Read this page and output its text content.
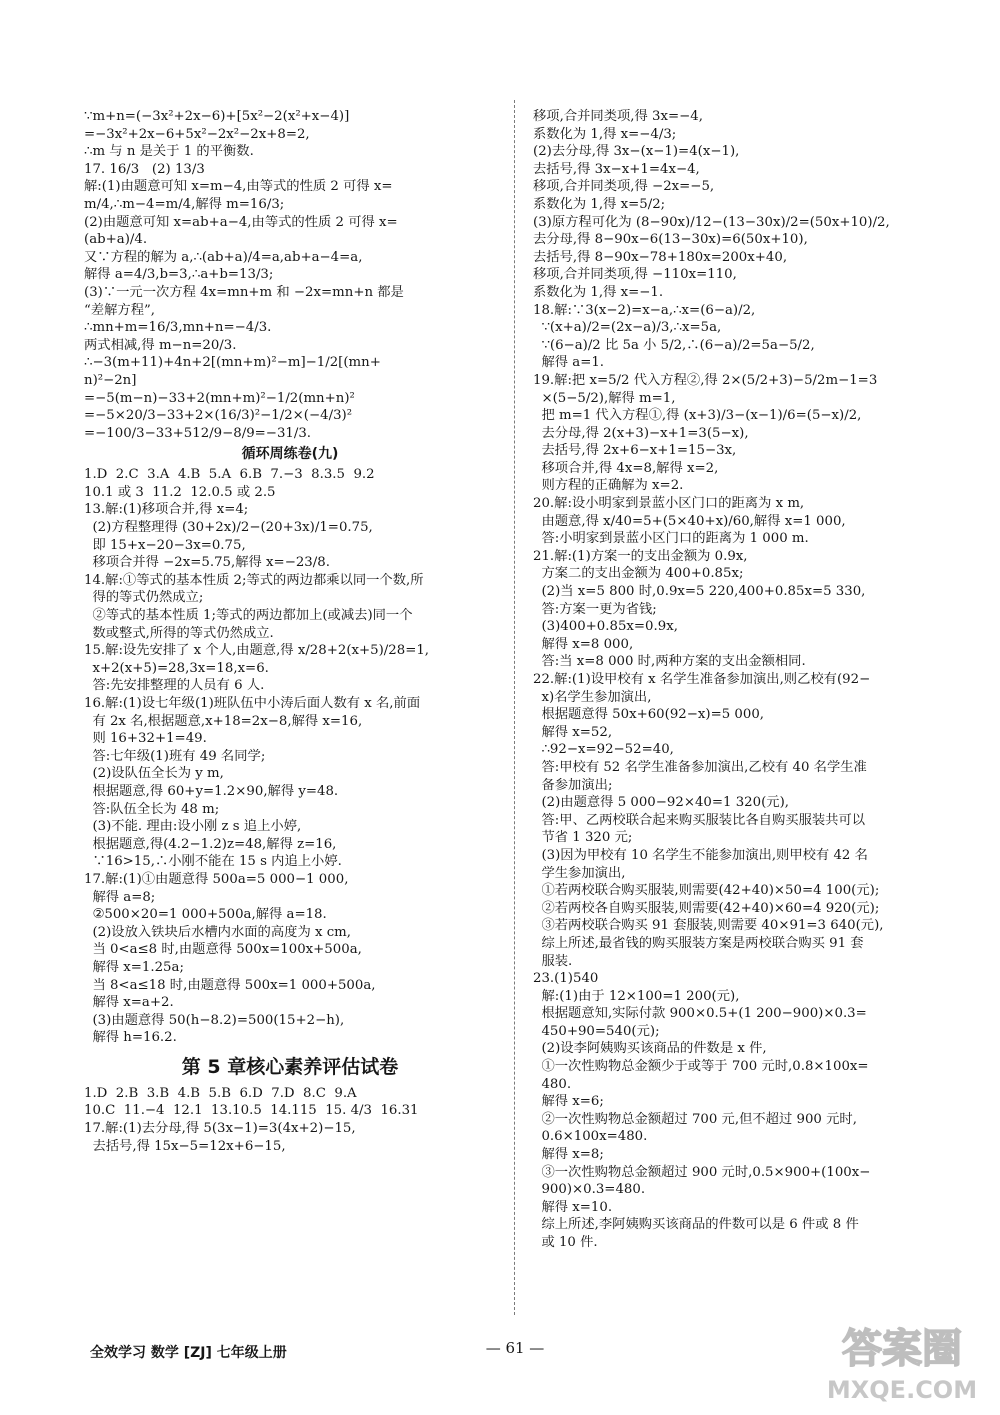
∵m+n=(−3x²+2x−6)+[5x²−2(x²+x−4)]
=−3x²+2x−6+5x²−2x²−2x+8=2,
∴m 与 n 是关于 1 的平衡数.
17. 16/3   (2) 13/3
解:(1)由题意可知 x=m−4,由等式的性质 2 可得 x=
m/4,∴m−4=m/4,解得 m=16/3;
(2)由题意可知 x=ab+a−4,由等式的性质 2 可得 x=
(ab+a)/4.
又∵方程的解为 a,∴(ab+a)/4=a,ab+a−4=a,
解得 a=4/3,b=3,∴a+b=13/3;
(3)∵一元一次方程 4x=mn+m 和 −2x=mn+n 都是
“差解方程”,
∴mn+m=16/3,mn+n=−4/3.
两式相减,得 m−n=20/3.
∴−3(m+11)+4n+2[(mn+m)²−m]−1/2[(mn+
n)²−2n]
=−5(m−n)−33+2(mn+m)²−1/2(mn+n)²
=−5×20/3−33+2×(16/3)²−1/2×(−4/3)²
=−100/3−33+512/9−8/9=−31/3.
循环周练卷(九)
1.D  2.C  3.A  4.B  5.A  6.B  7.−3  8.3.5  9.2
10.1 或 3  11.2  12.0.5 或 2.5
13.解:(1)移项合并,得 x=4;
(2)方程整理得 (30+2x)/2−(20+3x)/1=0.75,
即 15+x−20−3x=0.75,
移项合并得 −2x=5.75,解得 x=−23/8.
14.解:①等式的基本性质 2;等式的两边都乘以同一个数,所
得的等式仍然成立;
②等式的基本性质 1;等式的两边都加上(或减去)同一个
数或整式,所得的等式仍然成立.
15.解:设先安排了 x 个人,由题意,得 x/28+2(x+5)/28=1,
x+2(x+5)=28,3x=18,x=6.
答:先安排整理的人员有 6 人.
16.解:(1)设七年级(1)班队伍中小涛后面人数有 x 名,前面
有 2x 名,根据题意,x+18=2x−8,解得 x=16,
则 16+32+1=49.
答:七年级(1)班有 49 名同学;
(2)设队伍全长为 y m,
根据题意,得 60+y=1.2×90,解得 y=48.
答:队伍全长为 48 m;
(3)不能. 理由:设小刚 z s 追上小婷,
根据题意,得(4.2−1.2)z=48,解得 z=16,
∵16>15,∴小刚不能在 15 s 内追上小婷.
17.解:(1)①由题意得 500a=5 000−1 000,
解得 a=8;
②500×20=1 000+500a,解得 a=18.
(2)设放入铁块后水槽内水面的高度为 x cm,
当 0<a≤8 时,由题意得 500x=100x+500a,
解得 x=1.25a;
当 8<a≤18 时,由题意得 500x=1 000+500a,
解得 x=a+2.
(3)由题意得 50(h−8.2)=500(15+2−h),
解得 h=16.2.
第 5 章核心素养评估试卷
1.D  2.B  3.B  4.B  5.B  6.D  7.D  8.C  9.A
10.C  11.−4  12.1  13.10.5  14.115  15. 4/3  16.31
17.解:(1)去分母,得 5(3x−1)=3(4x+2)−15,
去括号,得 15x−5=12x+6−15,
移项,合并同类项,得 3x=−4,
系数化为 1,得 x=−4/3;
(2)去分母,得 3x−(x−1)=4(x−1),
去括号,得 3x−x+1=4x−4,
移项,合并同类项,得 −2x=−5,
系数化为 1,得 x=5/2;
(3)原方程可化为 (8−90x)/12−(13−30x)/2=(50x+10)/2,
去分母,得 8−90x−6(13−30x)=6(50x+10),
去括号,得 8−90x−78+180x=200x+40,
移项,合并同类项,得 −110x=110,
系数化为 1,得 x=−1.
18.解:∵3(x−2)=x−a,∴x=(6−a)/2,
∵(x+a)/2=(2x−a)/3,∴x=5a,
∵(6−a)/2 比 5a 小 5/2,∴(6−a)/2=5a−5/2,
解得 a=1.
19.解:把 x=5/2 代入方程②,得 2×(5/2+3)−5/2m−1=3
×(5−5/2),解得 m=1,
把 m=1 代入方程①,得 (x+3)/3−(x−1)/6=(5−x)/2,
去分母,得 2(x+3)−x+1=3(5−x),
去括号,得 2x+6−x+1=15−3x,
移项合并,得 4x=8,解得 x=2,
则方程的正确解为 x=2.
20.解:设小明家到景蓝小区门口的距离为 x m,
由题意,得 x/40=5+(5×40+x)/60,解得 x=1 000,
答:小明家到景蓝小区门口的距离为 1 000 m.
21.解:(1)方案一的支出金额为 0.9x,
方案二的支出金额为 400+0.85x;
(2)当 x=5 800 时,0.9x=5 220,400+0.85x=5 330,
答:方案一更为省钱;
(3)400+0.85x=0.9x,
解得 x=8 000,
答:当 x=8 000 时,两种方案的支出金额相同.
22.解:(1)设甲校有 x 名学生准备参加演出,则乙校有(92−
x)名学生参加演出,
根据题意得 50x+60(92−x)=5 000,
解得 x=52,
∴92−x=92−52=40,
答:甲校有 52 名学生准备参加演出,乙校有 40 名学生准
备参加演出;
(2)由题意得 5 000−92×40=1 320(元),
答:甲、乙两校联合起来购买服装比各自购买服装共可以
节省 1 320 元;
(3)因为甲校有 10 名学生不能参加演出,则甲校有 42 名
学生参加演出,
①若两校联合购买服装,则需要(42+40)×50=4 100(元);
②若两校各自购买服装,则需要(42+40)×60=4 920(元);
③若两校联合购买 91 套服装,则需要 40×91=3 640(元),
综上所述,最省钱的购买服装方案是两校联合购买 91 套
服装.
23.(1)540
解:(1)由于 12×100=1 200(元),
根据题意知,实际付款 900×0.5+(1 200−900)×0.3=
450+90=540(元);
(2)设李阿姨购买该商品的件数是 x 件,
①一次性购物总金额少于或等于 700 元时,0.8×100x=
480.
解得 x=6;
②一次性购物总金额超过 700 元,但不超过 900 元时,
0.6×100x=480.
解得 x=8;
③一次性购物总金额超过 900 元时,0.5×900+(100x−
900)×0.3=480.
解得 x=10.
综上所述,李阿姨购买该商品的件数可以是 6 件或 8 件
或 10 件.
全效学习 数学 [ZJ] 七年级上册	— 61 —	答案圈
MXQE.COM
